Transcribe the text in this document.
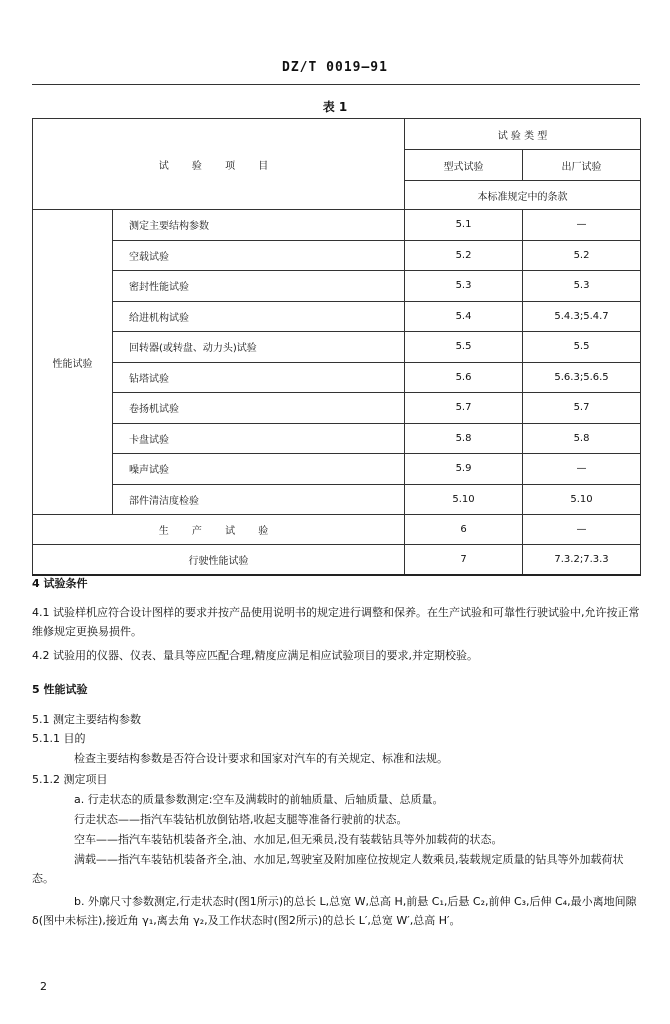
DZ/T 0019—91
表 1
试 验 项 目		试 验 类 型	
		型式试验	出厂试验
		本标准规定中的条款	
性能试验	测定主要结构参数	5.1	—
	空载试验	5.2	5.2
	密封性能试验	5.3	5.3
	给进机构试验	5.4	5.4.3;5.4.7
	回转器(或转盘、动力头)试验	5.5	5.5
	钻塔试验	5.6	5.6.3;5.6.5
	卷扬机试验	5.7	5.7
	卡盘试验	5.8	5.8
	噪声试验	5.9	—
	部件清洁度检验	5.10	5.10
生 产 试 验		6	—
行驶性能试验		7	7.3.2;7.3.3
4 试验条件
4.1 试验样机应符合设计图样的要求并按产品使用说明书的规定进行调整和保养。在生产试验和可靠性行驶试验中,允许按正常维修规定更换易损件。
4.2 试验用的仪器、仪表、量具等应匹配合理,精度应满足相应试验项目的要求,并定期校验。
5 性能试验
5.1 测定主要结构参数
5.1.1 目的
检查主要结构参数是否符合设计要求和国家对汽车的有关规定、标准和法规。
5.1.2 测定项目
a. 行走状态的质量参数测定:空车及满载时的前轴质量、后轴质量、总质量。
行走状态——指汽车装钻机放倒钻塔,收起支腿等准备行驶前的状态。
空车——指汽车装钻机装备齐全,油、水加足,但无乘员,没有装载钻具等外加载荷的状态。
满载——指汽车装钻机装备齐全,油、水加足,驾驶室及附加座位按规定人数乘员,装载规定质量的钻具等外加载荷状态。
b. 外廓尺寸参数测定,行走状态时(图1所示)的总长 L,总宽 W,总高 H,前悬 C₁,后悬 C₂,前伸 C₃,后伸 C₄,最小离地间隙 δ(图中未标注),接近角 γ₁,离去角 γ₂,及工作状态时(图2所示)的总长 L′,总宽 W′,总高 H′。
2
